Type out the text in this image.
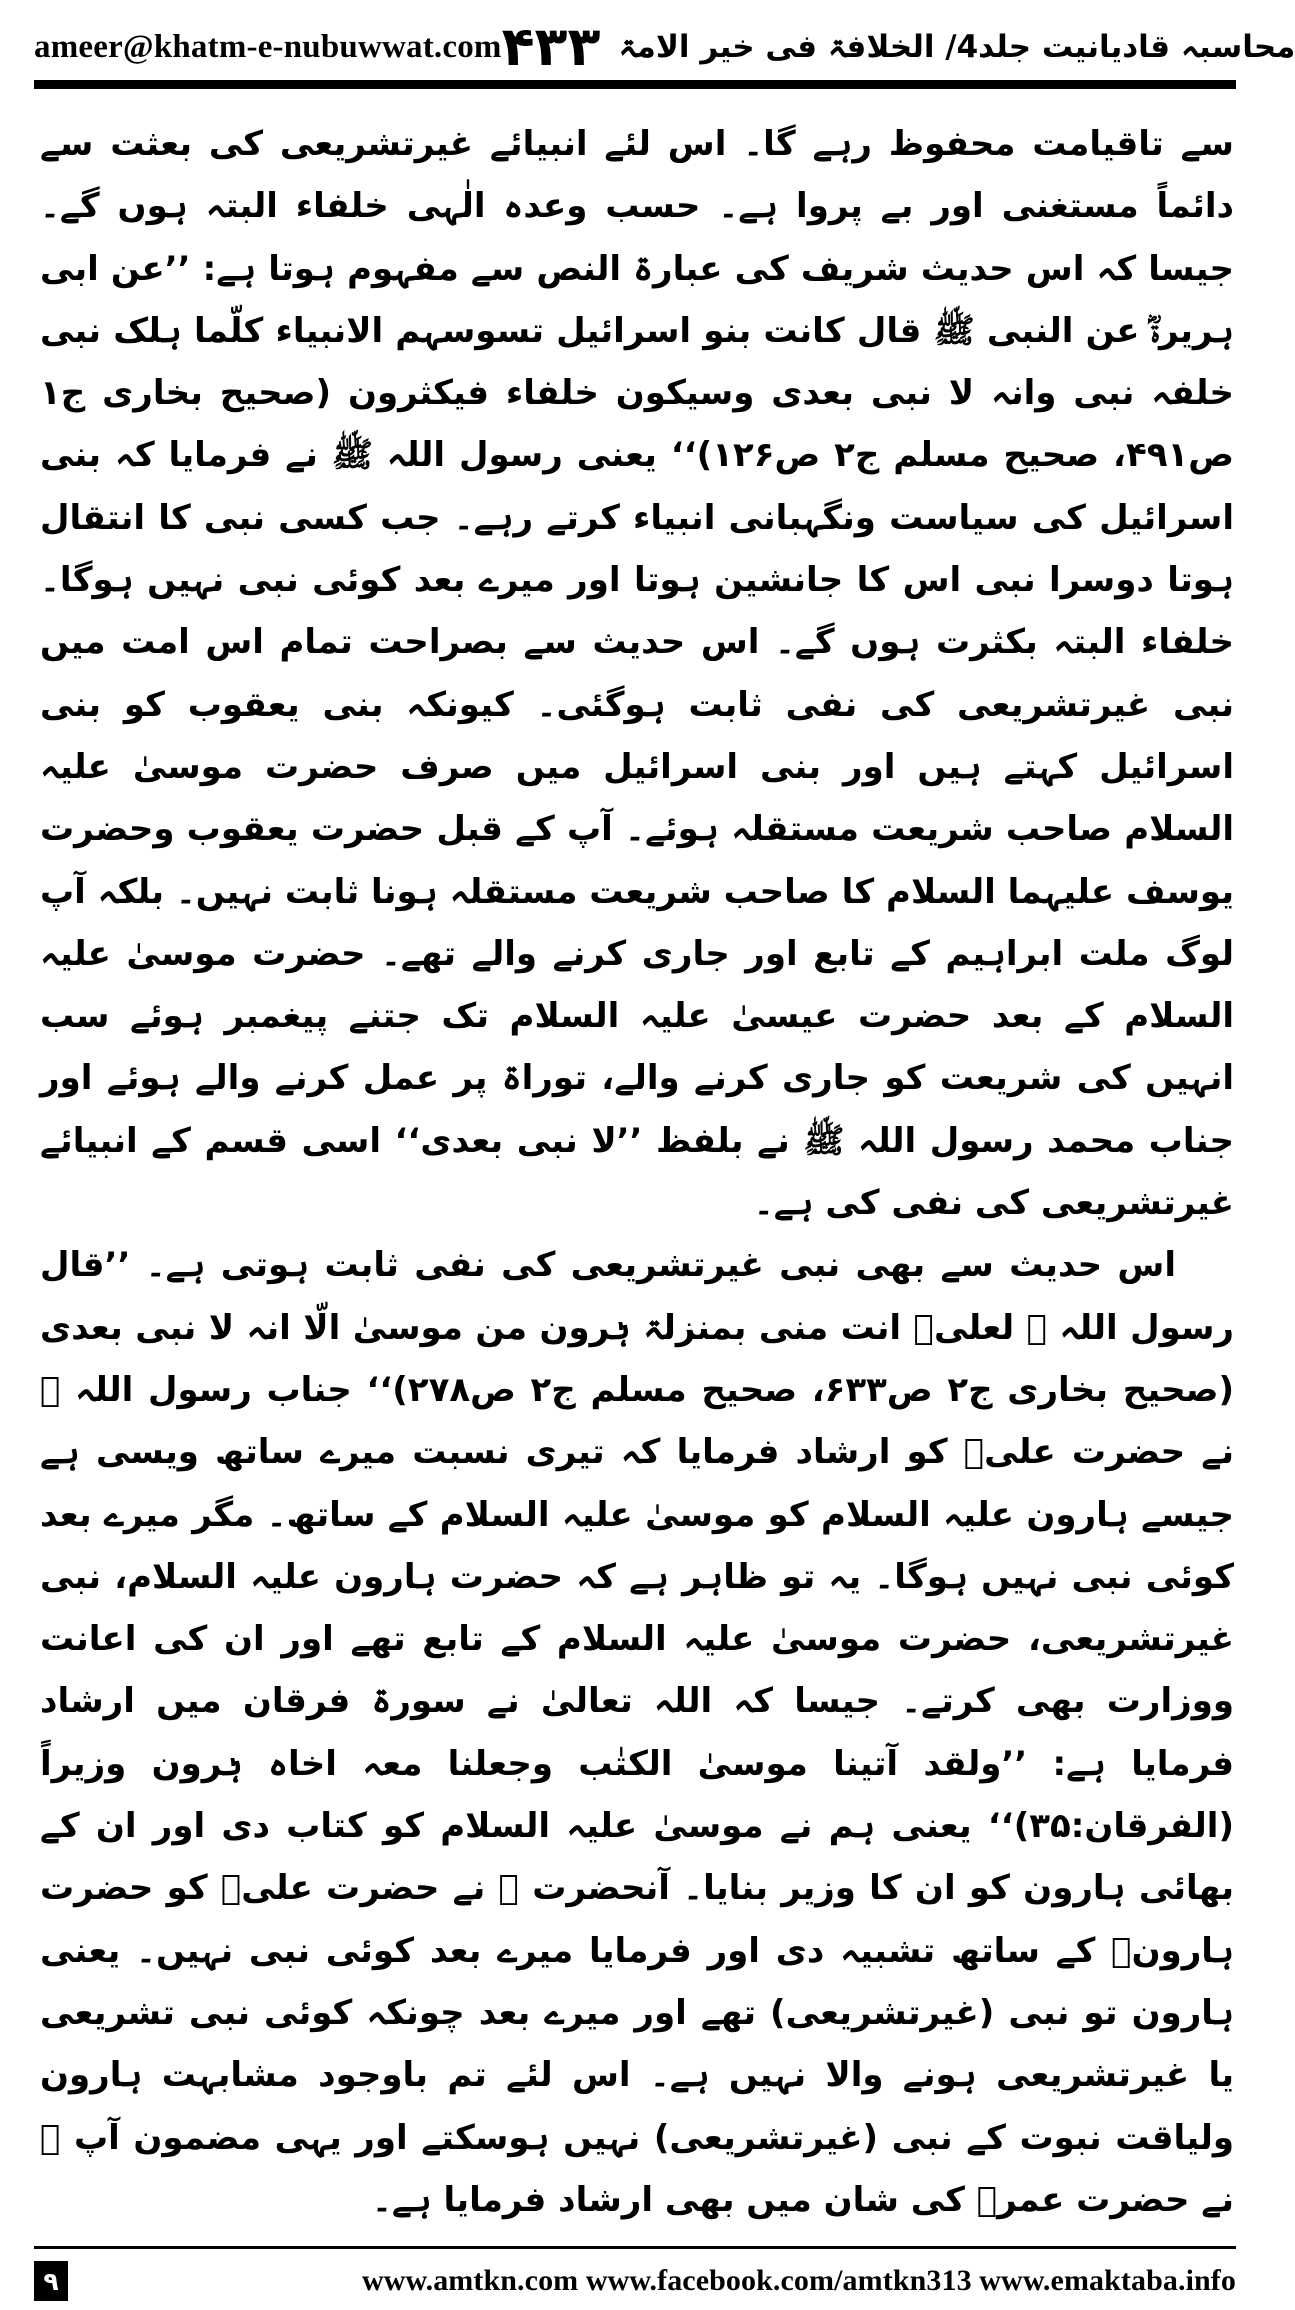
ameer@khatm-e-nubuwwat.com	محاسبہ قادیانیت جلد4/ الخلافۃ فی خیر الامۃ
۴۳۳

سے تاقیامت محفوظ رہے گا۔ اس لئے انبیائے غیرتشریعی کی بعثت سے دائماً مستغنی اور بے پروا ہے۔ حسب وعدہ الٰہی خلفاء البتہ ہوں گے۔ جیسا کہ اس حدیث شریف کی عبارۃ النص سے مفہوم ہوتا ہے: ’’عن ابی ہریرۃؓ عن النبی ﷺ قال کانت بنو اسرائیل تسوسہم الانبیاء کلّما ہلک نبی خلفہ نبی وانہ لا نبی بعدی وسیکون خلفاء فیکثرون (صحیح بخاری ج۱ ص۴۹۱، صحیح مسلم ج۲ ص۱۲۶)‘‘ یعنی رسول اللہ ﷺ نے فرمایا کہ بنی اسرائیل کی سیاست ونگہبانی انبیاء کرتے رہے۔ جب کسی نبی کا انتقال ہوتا دوسرا نبی اس کا جانشین ہوتا اور میرے بعد کوئی نبی نہیں ہوگا۔ خلفاء البتہ بکثرت ہوں گے۔ اس حدیث سے بصراحت تمام اس امت میں نبی غیرتشریعی کی نفی ثابت ہوگئی۔ کیونکہ بنی یعقوب کو بنی اسرائیل کہتے ہیں اور بنی اسرائیل میں صرف حضرت موسیٰ علیہ السلام صاحب شریعت مستقلہ ہوئے۔ آپ کے قبل حضرت یعقوب وحضرت یوسف علیہما السلام کا صاحب شریعت مستقلہ ہونا ثابت نہیں۔ بلکہ آپ لوگ ملت ابراہیم کے تابع اور جاری کرنے والے تھے۔ حضرت موسیٰ علیہ السلام کے بعد حضرت عیسیٰ علیہ السلام تک جتنے پیغمبر ہوئے سب انہیں کی شریعت کو جاری کرنے والے، توراۃ پر عمل کرنے والے ہوئے اور جناب محمد رسول اللہ ﷺ نے بلفظ ’’لا نبی بعدی‘‘ اسی قسم کے انبیائے غیرتشریعی کی نفی کی ہے۔

اس حدیث سے بھی نبی غیرتشریعی کی نفی ثابت ہوتی ہے۔ ’’قال رسول اللہ ﷺ لعلیؓ انت منی بمنزلۃ ہٰرون من موسیٰ الّا انہ لا نبی بعدی (صحیح بخاری ج۲ ص۶۳۳، صحیح مسلم ج۲ ص۲۷۸)‘‘ جناب رسول اللہ ﷺ نے حضرت علیؓ کو ارشاد فرمایا کہ تیری نسبت میرے ساتھ ویسی ہے جیسے ہارون علیہ السلام کو موسیٰ علیہ السلام کے ساتھ۔ مگر میرے بعد کوئی نبی نہیں ہوگا۔ یہ تو ظاہر ہے کہ حضرت ہارون علیہ السلام، نبی غیرتشریعی، حضرت موسیٰ علیہ السلام کے تابع تھے اور ان کی اعانت ووزارت بھی کرتے۔ جیسا کہ اللہ تعالیٰ نے سورۃ فرقان میں ارشاد فرمایا ہے: ’’ولقد آتینا موسیٰ الکتٰب وجعلنا معہ اخاہ ہٰرون وزیراً (الفرقان:۳۵)‘‘ یعنی ہم نے موسیٰ علیہ السلام کو کتاب دی اور ان کے بھائی ہارون کو ان کا وزیر بنایا۔ آنحضرت ﷺ نے حضرت علیؓ کو حضرت ہارونؑ کے ساتھ تشبیہ دی اور فرمایا میرے بعد کوئی نبی نہیں۔ یعنی ہارون تو نبی (غیرتشریعی) تھے اور میرے بعد چونکہ کوئی نبی تشریعی یا غیرتشریعی ہونے والا نہیں ہے۔ اس لئے تم باوجود مشابہت ہارون ولیاقت نبوت کے نبی (غیرتشریعی) نہیں ہوسکتے اور یہی مضمون آپ ﷺ نے حضرت عمرؓ کی شان میں بھی ارشاد فرمایا ہے۔

۹	www.amtkn.com www.facebook.com/amtkn313 www.emaktaba.info
